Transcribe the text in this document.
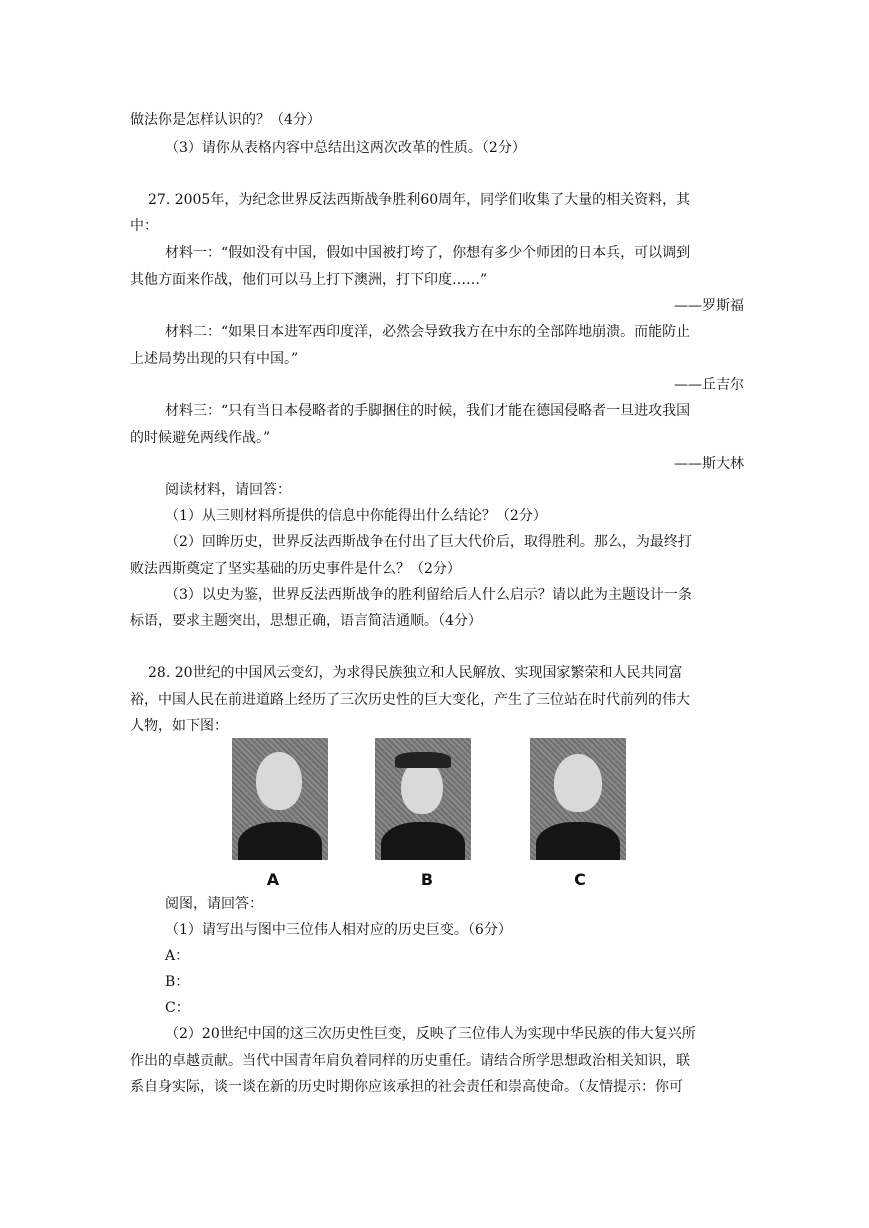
做法你是怎样认识的？（4分）
（3）请你从表格内容中总结出这两次改革的性质。（2分）
27. 2005年，为纪念世界反法西斯战争胜利60周年，同学们收集了大量的相关资料，其
中：
材料一：“假如没有中国，假如中国被打垮了，你想有多少个师团的日本兵，可以调到
其他方面来作战，他们可以马上打下澳洲，打下印度……”
——罗斯福
材料二：“如果日本进军西印度洋，必然会导致我方在中东的全部阵地崩溃。而能防止
上述局势出现的只有中国。”
——丘吉尔
材料三：“只有当日本侵略者的手脚捆住的时候，我们才能在德国侵略者一旦进攻我国
的时候避免两线作战。”
——斯大林
阅读材料，请回答：
（1）从三则材料所提供的信息中你能得出什么结论？（2分）
（2）回眸历史，世界反法西斯战争在付出了巨大代价后，取得胜利。那么，为最终打
败法西斯奠定了坚实基础的历史事件是什么？（2分）
（3）以史为鉴，世界反法西斯战争的胜利留给后人什么启示？请以此为主题设计一条
标语，要求主题突出，思想正确，语言简洁通顺。（4分）
28. 20世纪的中国风云变幻，为求得民族独立和人民解放、实现国家繁荣和人民共同富
裕，中国人民在前进道路上经历了三次历史性的巨大变化，产生了三位站在时代前列的伟大
人物，如下图：
A	B	C
阅图，请回答：
（1）请写出与图中三位伟人相对应的历史巨变。（6分）
A：
B：
C：
（2）20世纪中国的这三次历史性巨变，反映了三位伟人为实现中华民族的伟大复兴所
作出的卓越贡献。当代中国青年肩负着同样的历史重任。请结合所学思想政治相关知识，联
系自身实际，谈一谈在新的历史时期你应该承担的社会责任和崇高使命。（友情提示：你可
